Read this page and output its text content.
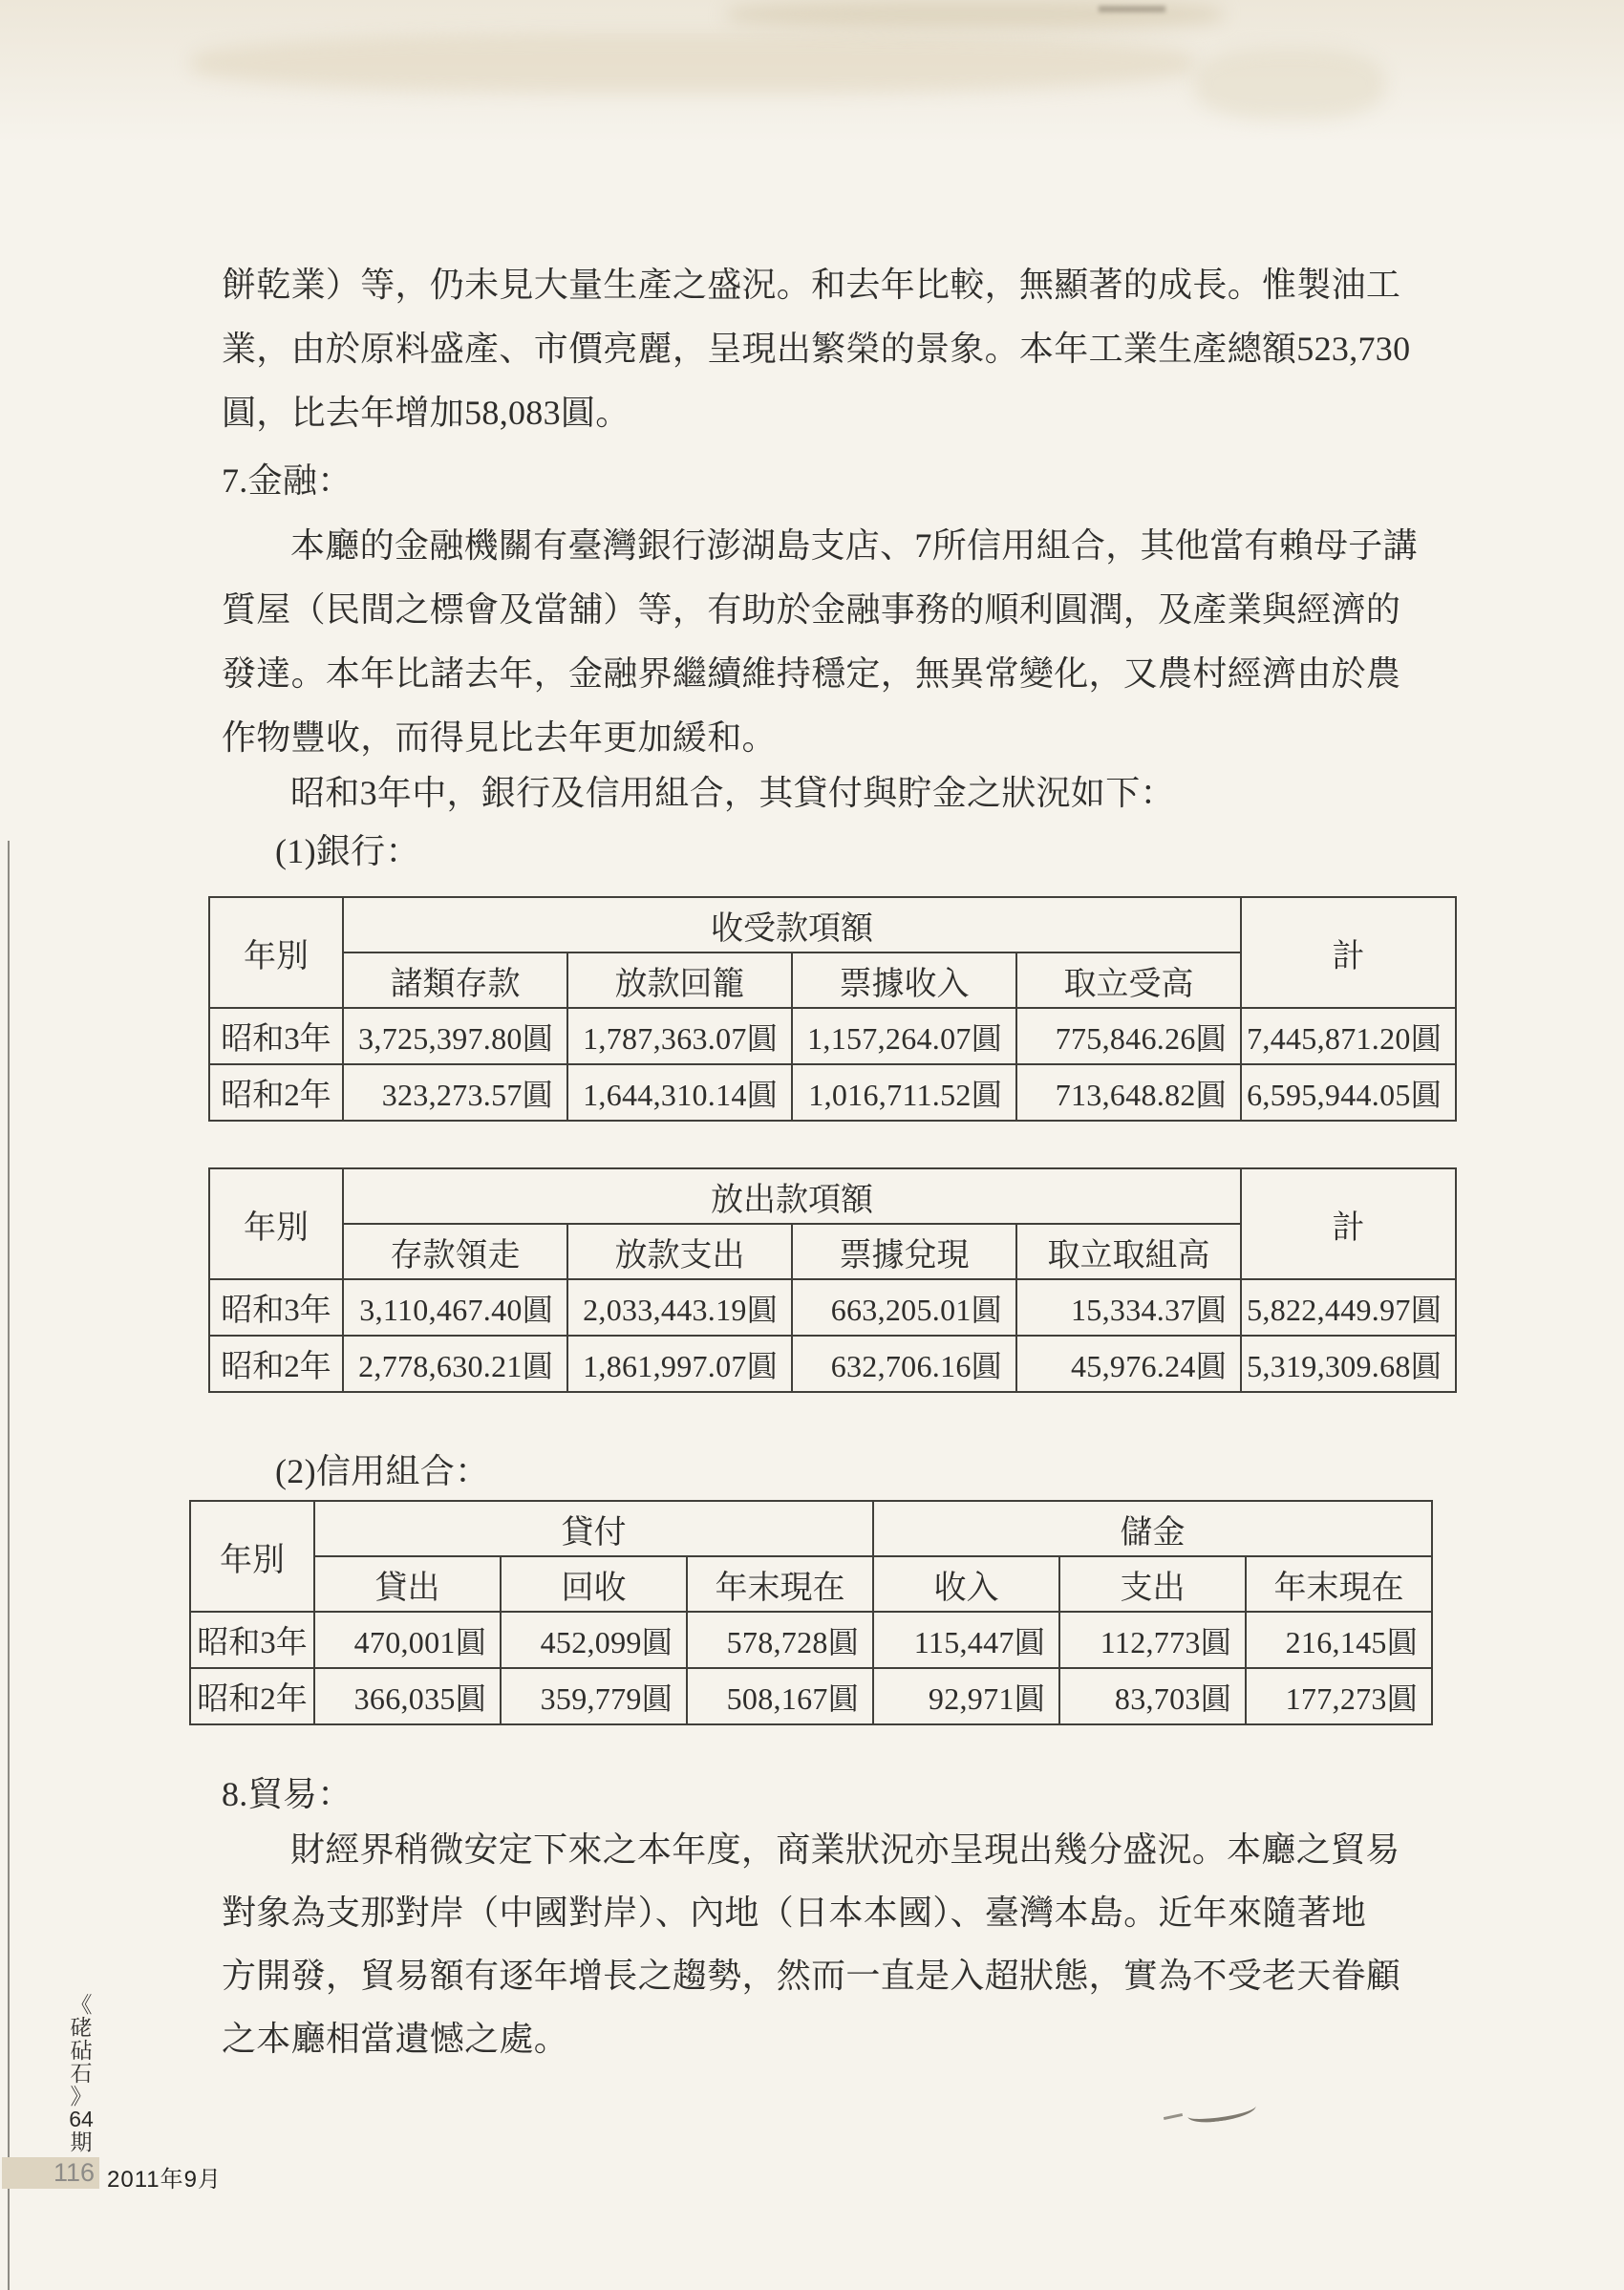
餅乾業）等，仍未見大量生產之盛況。和去年比較，無顯著的成長。惟製油工
業，由於原料盛產、市價亮麗，呈現出繁榮的景象。本年工業生產總額523,730
圓，比去年增加58,083圓。
7.金融：
本廳的金融機關有臺灣銀行澎湖島支店、7所信用組合，其他當有賴母子講
質屋（民間之標會及當舖）等，有助於金融事務的順利圓潤，及產業與經濟的
發達。本年比諸去年，金融界繼續維持穩定，無異常變化，又農村經濟由於農
作物豐收，而得見比去年更加緩和。
昭和3年中，銀行及信用組合，其貸付與貯金之狀況如下：
(1)銀行：
年別	收受款項額				計
	諸類存款	放款回籠	票據收入	取立受高	
昭和3年	3,725,397.80圓	1,787,363.07圓	1,157,264.07圓	775,846.26圓	7,445,871.20圓
昭和2年	323,273.57圓	1,644,310.14圓	1,016,711.52圓	713,648.82圓	6,595,944.05圓
年別	放出款項額				計
	存款領走	放款支出	票據兌現	取立取組高	
昭和3年	3,110,467.40圓	2,033,443.19圓	663,205.01圓	15,334.37圓	5,822,449.97圓
昭和2年	2,778,630.21圓	1,861,997.07圓	632,706.16圓	45,976.24圓	5,319,309.68圓
(2)信用組合：
年別	貸付			儲金		
	貸出	回收	年末現在	收入	支出	年末現在
昭和3年	470,001圓	452,099圓	578,728圓	115,447圓	112,773圓	216,145圓
昭和2年	366,035圓	359,779圓	508,167圓	92,971圓	83,703圓	177,273圓
8.貿易：
財經界稍微安定下來之本年度，商業狀況亦呈現出幾分盛況。本廳之貿易
對象為支那對岸（中國對岸）、內地（日本本國）、臺灣本島。近年來隨著地
方開發，貿易額有逐年增長之趨勢，然而一直是入超狀態，實為不受老天眷顧
之本廳相當遺憾之處。
《
硓
砧
石
》
64
期
116 2011年9月
